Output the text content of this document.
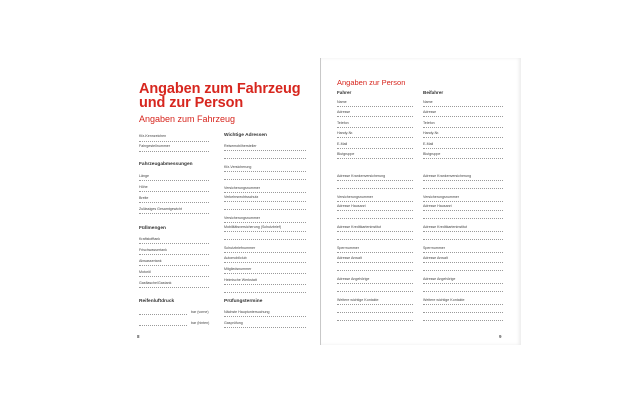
Angaben zum Fahrzeug
und zur Person
Angaben zum Fahrzeug
Kfz-Kennzeichen
Fahrgestellnummer
Fahrzeugabmessungen
Länge
Höhe
Breite
Zulässiges Gesamtgewicht
Füllmengen
Kraftstofftank
Frischwassertank
Abwassertank
Motoröl
Gasflasche/Gastank
Reifenluftdruck
bar (vorne)
bar (hinten)
Wichtige Adressen
Reisemobilhersteller
Kfz-Versicherung
Versicherungsnummer
Verkehrsrechtsschutz
Versicherungsnummer
Mobilitätsversicherung (Schutzbrief)
Schutzbriefnummer
Automobilclub
Mitgliedsnummer
Heimische Werkstatt
Prüfungstermine
Nächste Hauptuntersuchung
Gasprüfung
8
Angaben zur Person
Fahrer	Beifahrer
Name
Adresse
Telefon
Handy-Nr.
E-Mail
Blutgruppe
Name
Adresse
Telefon
Handy-Nr.
E-Mail
Blutgruppe
Adresse Krankenversicherung
Versicherungsnummer
Adresse Hausarzt
Adresse Kreditkarteninstitut
Sperrnummer
Adresse Anwalt
Adresse Angehörige
Weitere wichtige Kontakte
Adresse Krankenversicherung
Versicherungsnummer
Adresse Hausarzt
Adresse Kreditkarteninstitut
Sperrnummer
Adresse Anwalt
Adresse Angehörige
Weitere wichtige Kontakte
9
